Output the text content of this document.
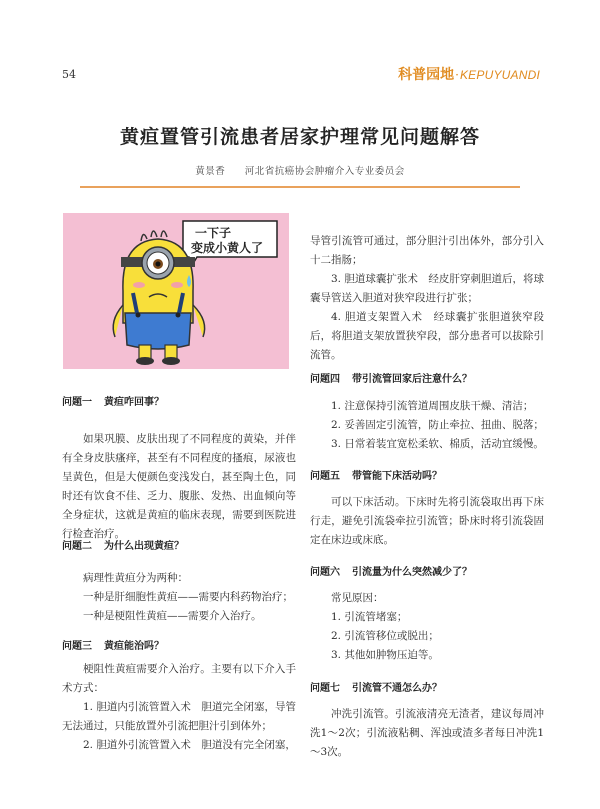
54	科普园地 · KEPUYUANDI
黄疸置管引流患者居家护理常见问题解答
黄景香 河北省抗癌协会肿瘤介入专业委员会
一下子
变成小黄人了
问题一 黄疸咋回事？

如果巩膜、皮肤出现了不同程度的黄染，并伴有全身皮肤瘙痒，甚至有不同程度的搔痕，尿液也呈黄色，但是大便颜色变浅发白，甚至陶土色，同时还有饮食不佳、乏力、腹胀、发热、出血倾向等全身症状，这就是黄疸的临床表现，需要到医院进行检查治疗。

问题二 为什么出现黄疸？
病理性黄疸分为两种：
一种是肝细胞性黄疸——需要内科药物治疗；
一种是梗阻性黄疸——需要介入治疗。
问题三 黄疸能治吗？

梗阻性黄疸需要介入治疗。主要有以下介入手术方式：

1. 胆道内引流管置入术　胆道完全闭塞，导管无法通过，只能放置外引流把胆汁引到体外；

2. 胆道外引流管置入术　胆道没有完全闭塞，

导管引流管可通过，部分胆汁引出体外，部分引入十二指肠；

3. 胆道球囊扩张术　经皮肝穿刺胆道后，将球囊导管送入胆道对狭窄段进行扩张；

4. 胆道支架置入术　经球囊扩张胆道狭窄段后，将胆道支架放置狭窄段，部分患者可以拔除引流管。

问题四 带引流管回家后注意什么？
1. 注意保持引流管道周围皮肤干燥、清洁；
2. 妥善固定引流管，防止牵拉、扭曲、脱落；
3. 日常着装宜宽松柔软、棉质，活动宜缓慢。
问题五 带管能下床活动吗？

可以下床活动。下床时先将引流袋取出再下床行走，避免引流袋牵拉引流管；卧床时将引流袋固定在床边或床底。

问题六 引流量为什么突然减少了？
常见原因：
1. 引流管堵塞；
2. 引流管移位或脱出；
3. 其他如肿物压迫等。
问题七 引流管不通怎么办？

冲洗引流管。引流液清亮无渣者，建议每周冲洗1～2次；引流液粘稠、浑浊或渣多者每日冲洗1～3次。
